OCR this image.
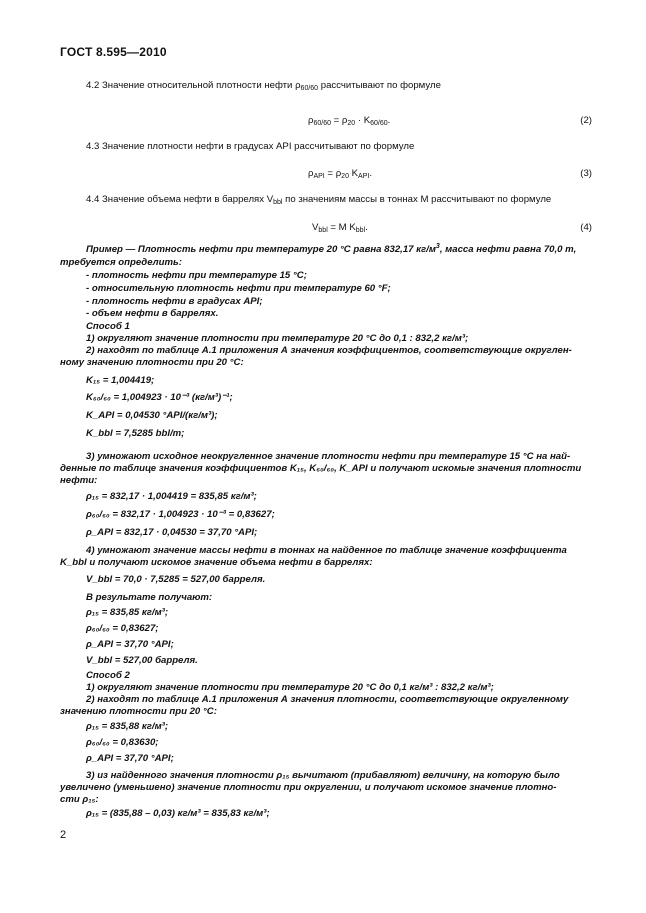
ГОСТ 8.595—2010
4.2 Значение относительной плотности нефти $\rho_{60/60}$ рассчитывают по формуле
$\rho_{60/60} = \rho_{20} \cdot K_{60/60}$.	(2)
4.3 Значение плотности нефти в градусах API рассчитывают по формуле
$\rho_{API} = \rho_{20}$ $K_{API}$.	(3)
4.4 Значение объема нефти в баррелях $V_{bbl}$ по значениям массы в тоннах M рассчитывают по формуле
$V_{bbl} = M$ $K_{bbl}$.	(4)
Пример — Плотность нефти при температуре 20 °С равна 832,17 $кг/м^3$, масса нефти равна 70,0 т,
требуется определить:
- плотность нефти при температуре 15 °С;
- относительную плотность нефти при температуре 60 °F;
- плотность нефти в градусах API;
- объем нефти в баррелях.
Способ 1
1) округляют значение плотности при температуре 20 °С до 0,1 : 832,2 кг/м³;
2) находят по таблице А.1 приложения А значения коэффициентов, соответствующие округлен-
ному значению плотности при 20 °С:
K₁₅ = 1,004419;
K₆₀/₆₀ = 1,004923 · 10⁻³ (кг/м³)⁻¹;
K_API = 0,04530 °API/(кг/м³);
K_bbl = 7,5285 bbl/m;
3) умножают исходное неокругленное значение плотности нефти при температуре 15 °С на най-
денные по таблице значения коэффициентов K₁₅, K₆₀/₆₀, K_API и получают искомые значения плотности
нефти:
ρ₁₅ = 832,17 · 1,004419 = 835,85 кг/м³;
ρ₆₀/₆₀ = 832,17 · 1,004923 · 10⁻³ = 0,83627;
ρ_API = 832,17 · 0,04530 = 37,70 °API;
4) умножают значение массы нефти в тоннах на найденное по таблице значение коэффициента
K_bbl и получают искомое значение объема нефти в баррелях:
V_bbl = 70,0 · 7,5285 = 527,00 барреля.
В результате получают:
ρ₁₅ = 835,85 кг/м³;
ρ₆₀/₆₀ = 0,83627;
ρ_API = 37,70 °API;
V_bbl = 527,00 барреля.
Способ 2
1) округляют значение плотности при температуре 20 °С до 0,1 кг/м³ : 832,2 кг/м³;
2) находят по таблице А.1 приложения А значения плотности, соответствующие округленному
значению плотности при 20 °С:
ρ₁₅ = 835,88 кг/м³;
ρ₆₀/₆₀ = 0,83630;
ρ_API = 37,70 °API;
3) из найденного значения плотности ρ₁₅ вычитают (прибавляют) величину, на которую было
увеличено (уменьшено) значение плотности при округлении, и получают искомое значение плотно-
сти ρ₁₅:
ρ₁₅ = (835,88 – 0,03) кг/м³ = 835,83 кг/м³;
2
